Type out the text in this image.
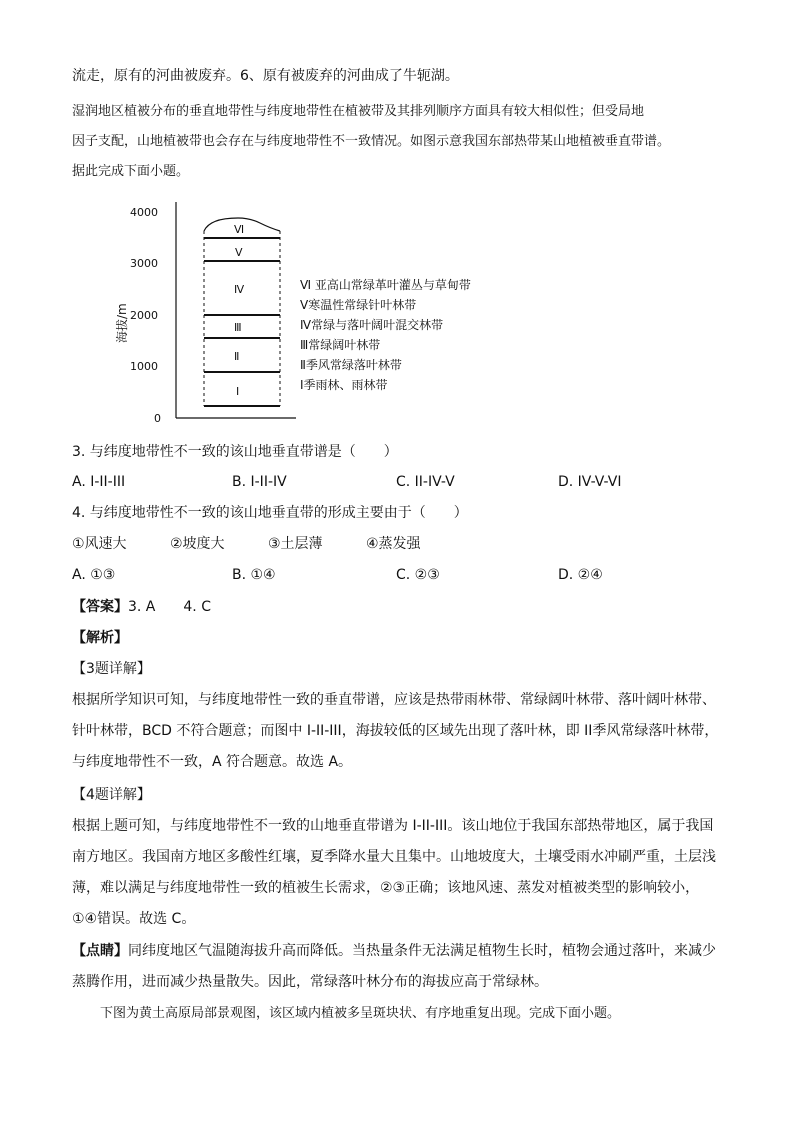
流走，原有的河曲被废弃。6、原有被废弃的河曲成了牛轭湖。
湿润地区植被分布的垂直地带性与纬度地带性在植被带及其排列顺序方面具有较大相似性；但受局地
因子支配，山地植被带也会存在与纬度地带性不一致情况。如图示意我国东部热带某山地植被垂直带谱。
据此完成下面小题。
4000
3000
2000
1000
0
海拔/m
Ⅵ
Ⅴ
Ⅳ
Ⅲ
Ⅱ
Ⅰ
Ⅵ 亚高山常绿革叶灌丛与草甸带
Ⅴ寒温性常绿针叶林带
Ⅳ常绿与落叶阔叶混交林带
Ⅲ常绿阔叶林带
Ⅱ季风常绿落叶林带
Ⅰ季雨林、雨林带
3. 与纬度地带性不一致的该山地垂直带谱是（　　）
A. I-II-III	B. I-II-IV	C. II-IV-V	D. IV-V-VI
4. 与纬度地带性不一致的该山地垂直带的形成主要由于（　　）
①风速大	②坡度大	③土层薄	④蒸发强
A. ①③	B. ①④	C. ②③	D. ②④
【答案】3. A　　4. C
【解析】
【3题详解】
根据所学知识可知，与纬度地带性一致的垂直带谱，应该是热带雨林带、常绿阔叶林带、落叶阔叶林带、
针叶林带，BCD 不符合题意；而图中 I-II-III，海拔较低的区域先出现了落叶林，即 II季风常绿落叶林带，
与纬度地带性不一致，A 符合题意。故选 A。
【4题详解】
根据上题可知，与纬度地带性不一致的山地垂直带谱为 I-II-III。该山地位于我国东部热带地区，属于我国
南方地区。我国南方地区多酸性红壤，夏季降水量大且集中。山地坡度大，土壤受雨水冲刷严重，土层浅
薄，难以满足与纬度地带性一致的植被生长需求，②③正确；该地风速、蒸发对植被类型的影响较小，
①④错误。故选 C。
【点睛】同纬度地区气温随海拔升高而降低。当热量条件无法满足植物生长时，植物会通过落叶，来减少
蒸腾作用，进而减少热量散失。因此，常绿落叶林分布的海拔应高于常绿林。
下图为黄土高原局部景观图，该区域内植被多呈斑块状、有序地重复出现。完成下面小题。
